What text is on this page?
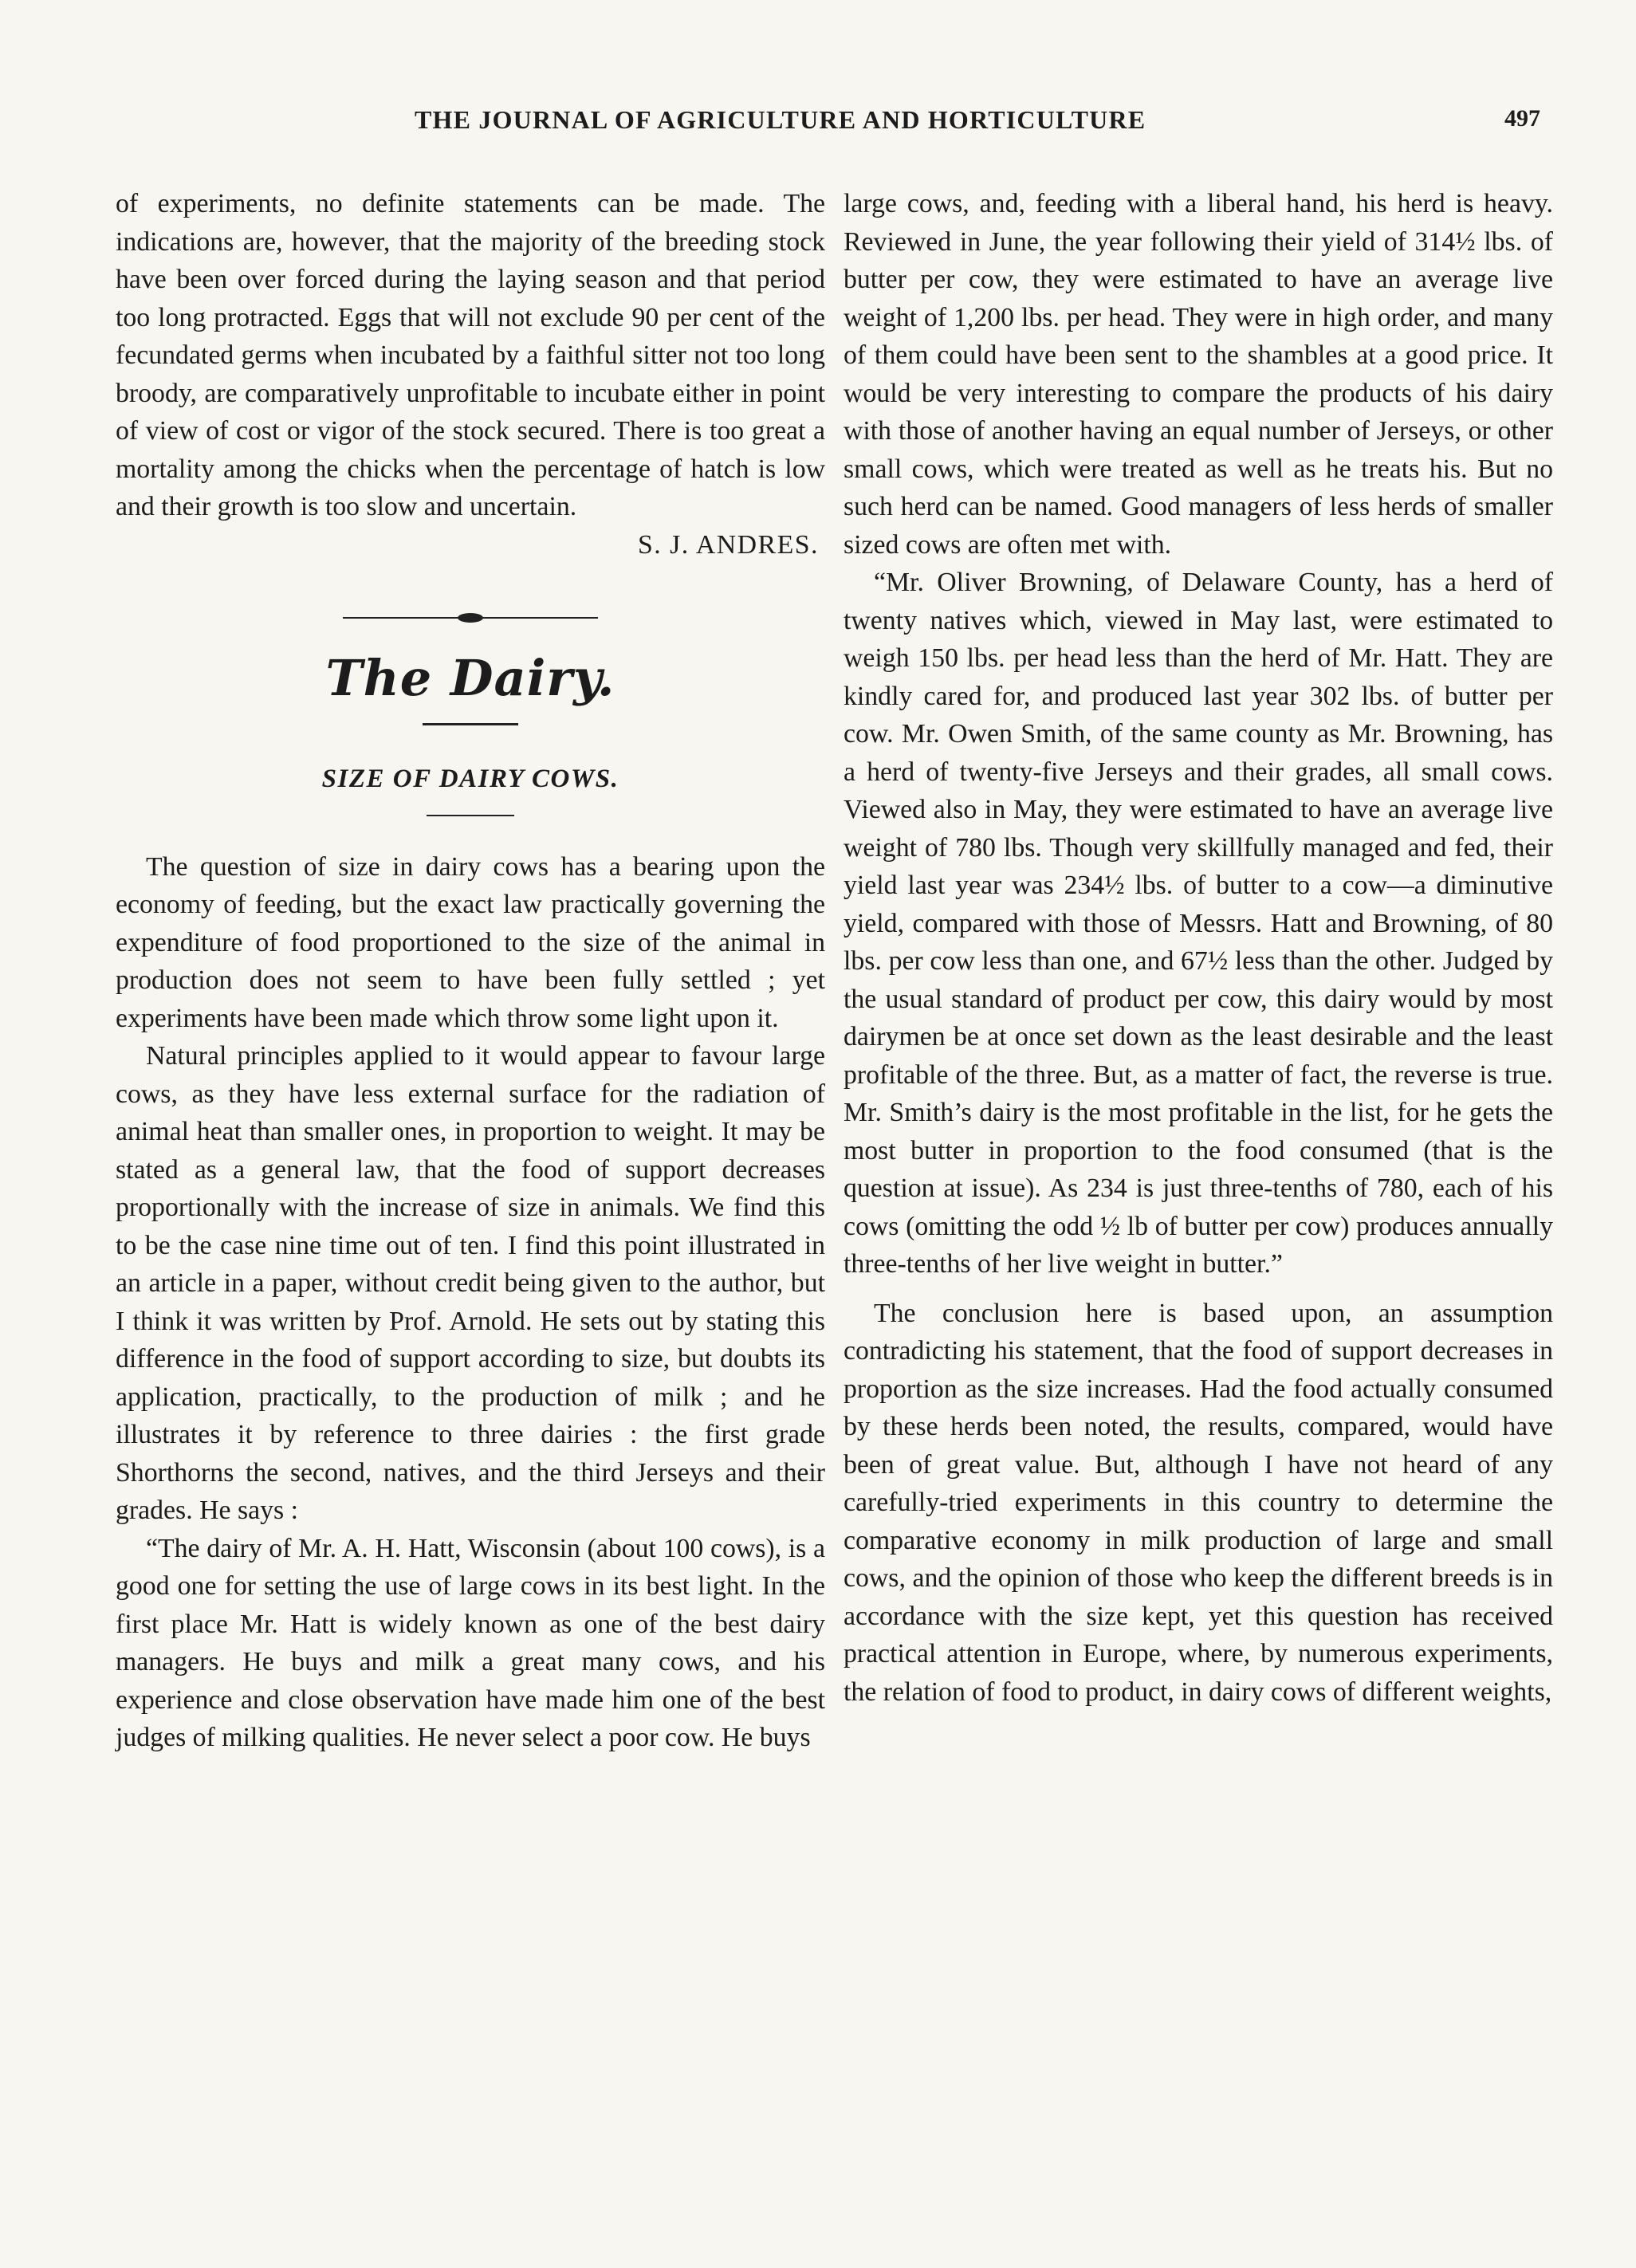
THE JOURNAL OF AGRICULTURE AND HORTICULTURE	497

of experiments, no definite statements can be made. The indications are, however, that the majority of the breeding stock have been over forced during the laying season and that period too long protracted. Eggs that will not exclude 90 per cent of the fecundated germs when incubated by a faithful sitter not too long broody, are comparatively unprofitable to incubate either in point of view of cost or vigor of the stock secured. There is too great a mortality among the chicks when the percentage of hatch is low and their growth is too slow and uncertain.

S. J. ANDRES.

The Dairy.
SIZE OF DAIRY COWS.

The question of size in dairy cows has a bearing upon the economy of feeding, but the exact law practically governing the expenditure of food proportioned to the size of the animal in production does not seem to have been fully settled ; yet experiments have been made which throw some light upon it.

Natural principles applied to it would appear to favour large cows, as they have less external surface for the radiation of animal heat than smaller ones, in proportion to weight. It may be stated as a general law, that the food of support decreases proportionally with the increase of size in animals. We find this to be the case nine time out of ten. I find this point illustrated in an article in a paper, without credit being given to the author, but I think it was written by Prof. Arnold. He sets out by stating this difference in the food of support according to size, but doubts its application, practically, to the production of milk ; and he illustrates it by reference to three dairies : the first grade Shorthorns the second, natives, and the third Jerseys and their grades. He says :

“The dairy of Mr. A. H. Hatt, Wisconsin (about 100 cows), is a good one for setting the use of large cows in its best light. In the first place Mr. Hatt is widely known as one of the best dairy managers. He buys and milk a great many cows, and his experience and close observation have made him one of the best judges of milking qualities. He never select a poor cow. He buys

large cows, and, feeding with a liberal hand, his herd is heavy. Reviewed in June, the year following their yield of 314½ lbs. of butter per cow, they were estimated to have an average live weight of 1,200 lbs. per head. They were in high order, and many of them could have been sent to the shambles at a good price. It would be very interesting to compare the products of his dairy with those of another having an equal number of Jerseys, or other small cows, which were treated as well as he treats his. But no such herd can be named. Good managers of less herds of smaller sized cows are often met with.

“Mr. Oliver Browning, of Delaware County, has a herd of twenty natives which, viewed in May last, were estimated to weigh 150 lbs. per head less than the herd of Mr. Hatt. They are kindly cared for, and produced last year 302 lbs. of butter per cow. Mr. Owen Smith, of the same county as Mr. Browning, has a herd of twenty-five Jerseys and their grades, all small cows. Viewed also in May, they were estimated to have an average live weight of 780 lbs. Though very skillfully managed and fed, their yield last year was 234½ lbs. of butter to a cow—a diminutive yield, compared with those of Messrs. Hatt and Browning, of 80 lbs. per cow less than one, and 67½ less than the other. Judged by the usual standard of product per cow, this dairy would by most dairymen be at once set down as the least desirable and the least profitable of the three. But, as a matter of fact, the reverse is true. Mr. Smith’s dairy is the most profitable in the list, for he gets the most butter in proportion to the food consumed (that is the question at issue). As 234 is just three-tenths of 780, each of his cows (omitting the odd ½ lb of butter per cow) produces annually three-tenths of her live weight in butter.”

The conclusion here is based upon, an assumption contradicting his statement, that the food of support decreases in proportion as the size increases. Had the food actually consumed by these herds been noted, the results, compared, would have been of great value. But, although I have not heard of any carefully-tried experiments in this country to determine the comparative economy in milk production of large and small cows, and the opinion of those who keep the different breeds is in accordance with the size kept, yet this question has received practical attention in Europe, where, by numerous experiments, the relation of food to product, in dairy cows of different weights,
